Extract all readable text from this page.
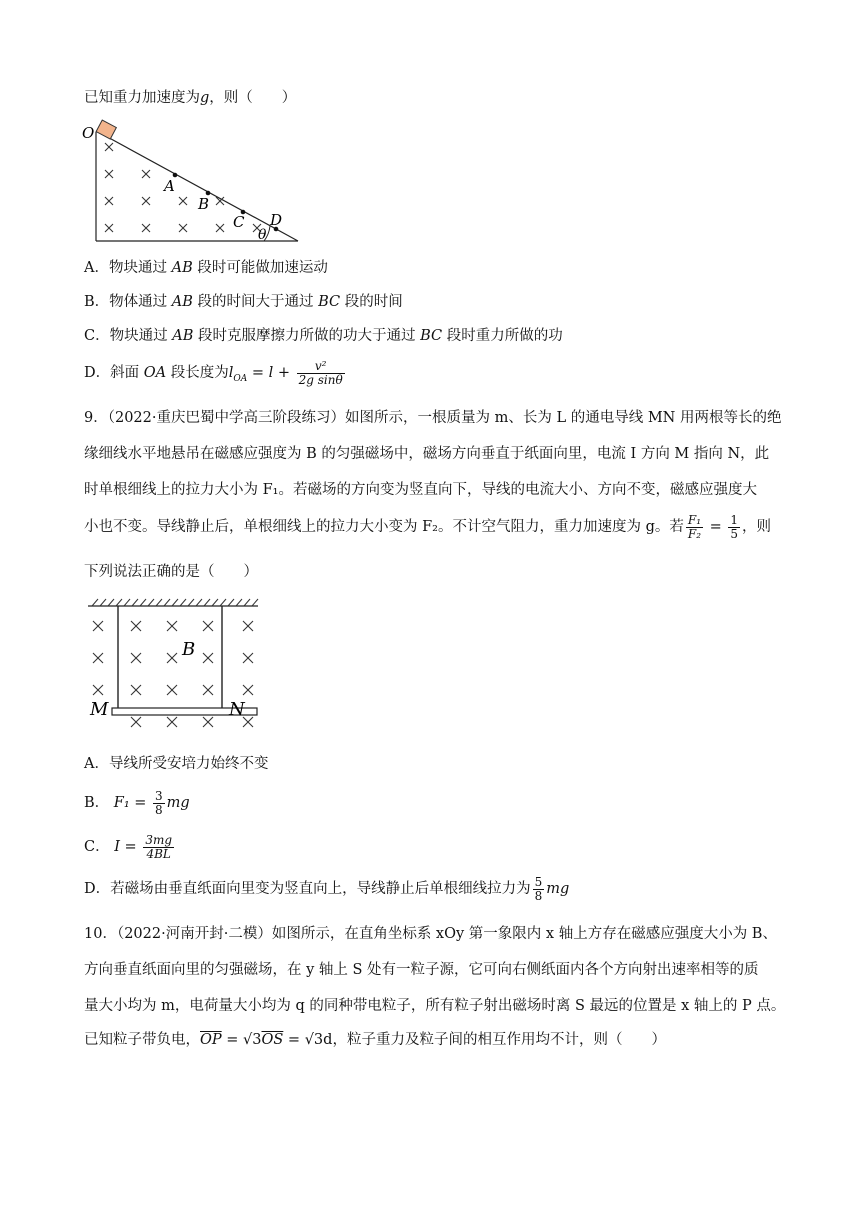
已知重力加速度为g，则（　　）
O
A
B
C D
θ
A．物块通过 AB 段时可能做加速运动
B．物体通过 AB 段的时间大于通过 BC 段的时间
C．物块通过 AB 段时克服摩擦力所做的功大于通过 BC 段时重力所做的功
D．斜面 OA 段长度为$l_{OA} = l + \frac{\text{v²}}{\text{2g sinθ}}$
9．（2022·重庆巴蜀中学高三阶段练习）如图所示，一根质量为 m、长为 L 的通电导线 MN 用两根等长的绝
缘细线水平地悬吊在磁感应强度为 B 的匀强磁场中，磁场方向垂直于纸面向里，电流 I 方向 M 指向 N，此
时单根细线上的拉力大小为 F₁。若磁场的方向变为竖直向下，导线的电流大小、方向不变，磁感应强度大
小也不变。导线静止后，单根细线上的拉力大小变为 F₂。不计空气阻力，重力加速度为 g。若 $\frac{\text{F₁}}{\text{F₂}} = \frac{1}{5}$ ，则
下列说法正确的是（　　）
B
M	N
A．导线所受安培力始终不变
B． $F_1 = \frac{3}{8}$ mg
C． $I = \frac{3mg}{4BL}$
D．若磁场由垂直纸面向里变为竖直向上，导线静止后单根细线拉力为 $\frac{5}{8}$ mg
10．（2022·河南开封·二模）如图所示，在直角坐标系 xOy 第一象限内 x 轴上方存在磁感应强度大小为 B、
方向垂直纸面向里的匀强磁场，在 y 轴上 S 处有一粒子源，它可向右侧纸面内各个方向射出速率相等的质
量大小均为 m，电荷量大小均为 q 的同种带电粒子，所有粒子射出磁场时离 S 最远的位置是 x 轴上的 P 点。
已知粒子带负电，$\overline{OP} = √3\overline{OS} = √3d$，粒子重力及粒子间的相互作用均不计，则（　　）
